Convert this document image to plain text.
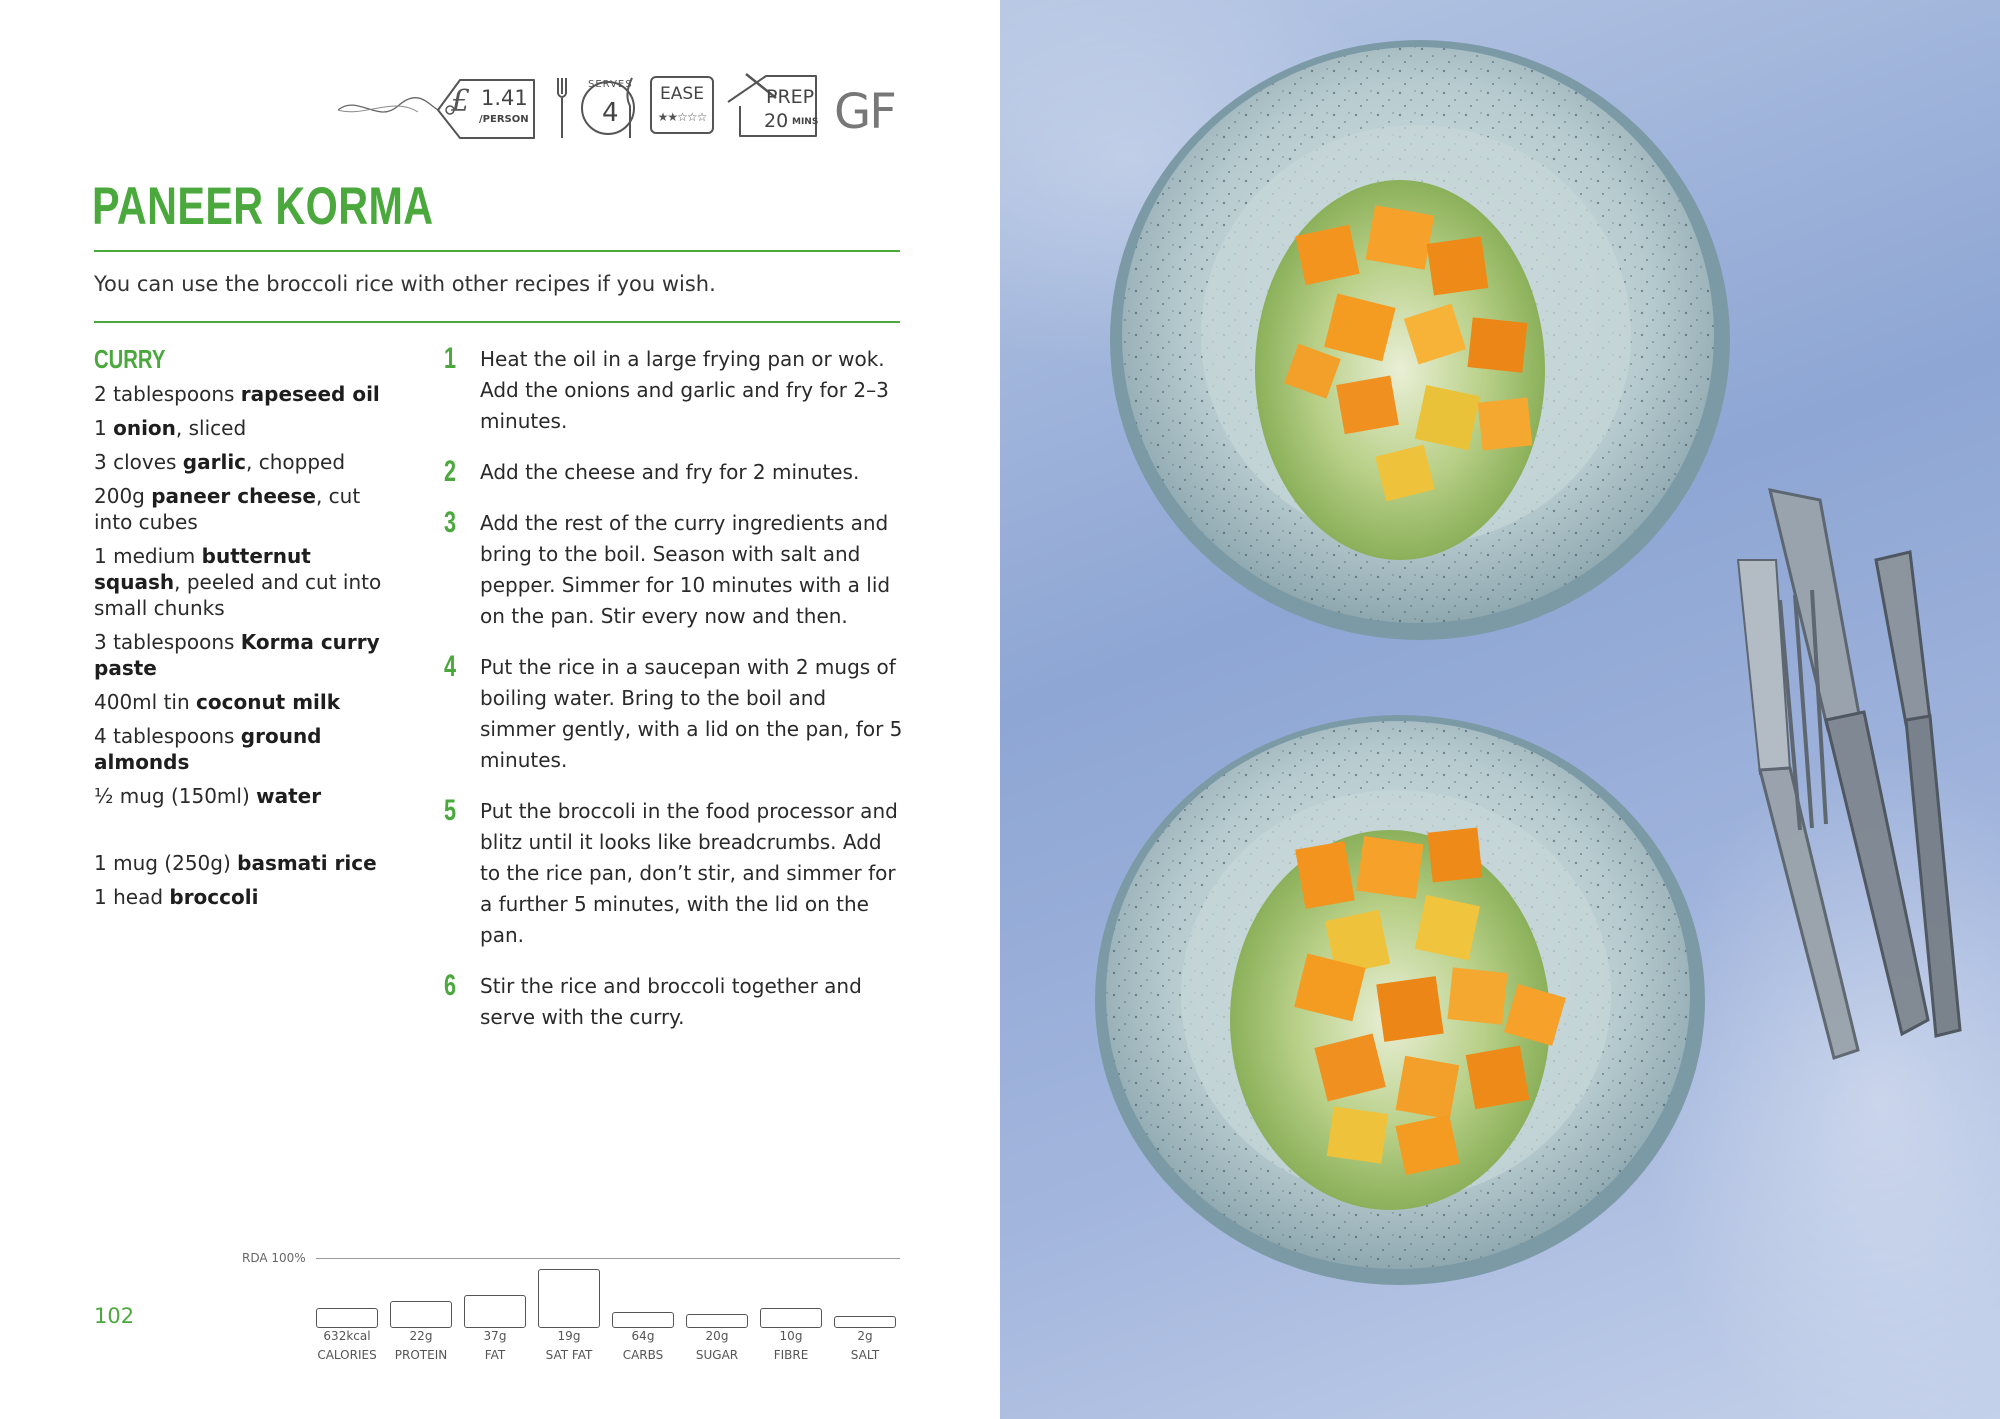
£ 1.41
/PERSON
SERVES
4
EASE
★★☆☆☆
PREP
20 MINS GF
PANEER KORMA

You can use the broccoli rice with other recipes if you wish.

CURRY
2 tablespoons rapeseed oil
1 onion, sliced
3 cloves garlic, chopped
200g paneer cheese, cut into cubes
1 medium butternut squash, peeled and cut into small chunks
3 tablespoons Korma curry paste
400ml tin coconut milk
4 tablespoons ground almonds
½ mug (150ml) water
1 mug (250g) basmati rice
1 head broccoli
1 Heat the oil in a large frying pan or wok. Add the onions and garlic and fry for 2–3 minutes.
2 Add the cheese and fry for 2 minutes.
3 Add the rest of the curry ingredients and bring to the boil. Season with salt and pepper. Simmer for 10 minutes with a lid on the pan. Stir every now and then.
4 Put the rice in a saucepan with 2 mugs of boiling water. Bring to the boil and simmer gently, with a lid on the pan, for 5 minutes.
5 Put the broccoli in the food processor and blitz until it looks like breadcrumbs. Add to the rice pan, don’t stir, and simmer for a further 5 minutes, with the lid on the pan.
6 Stir the rice and broccoli together and serve with the curry.
RDA 100%
632kcal
CALORIES
22g
PROTEIN
37g
FAT
19g
SAT FAT
64g
CARBS
20g
SUGAR
10g
FIBRE
2g
SALT
102
